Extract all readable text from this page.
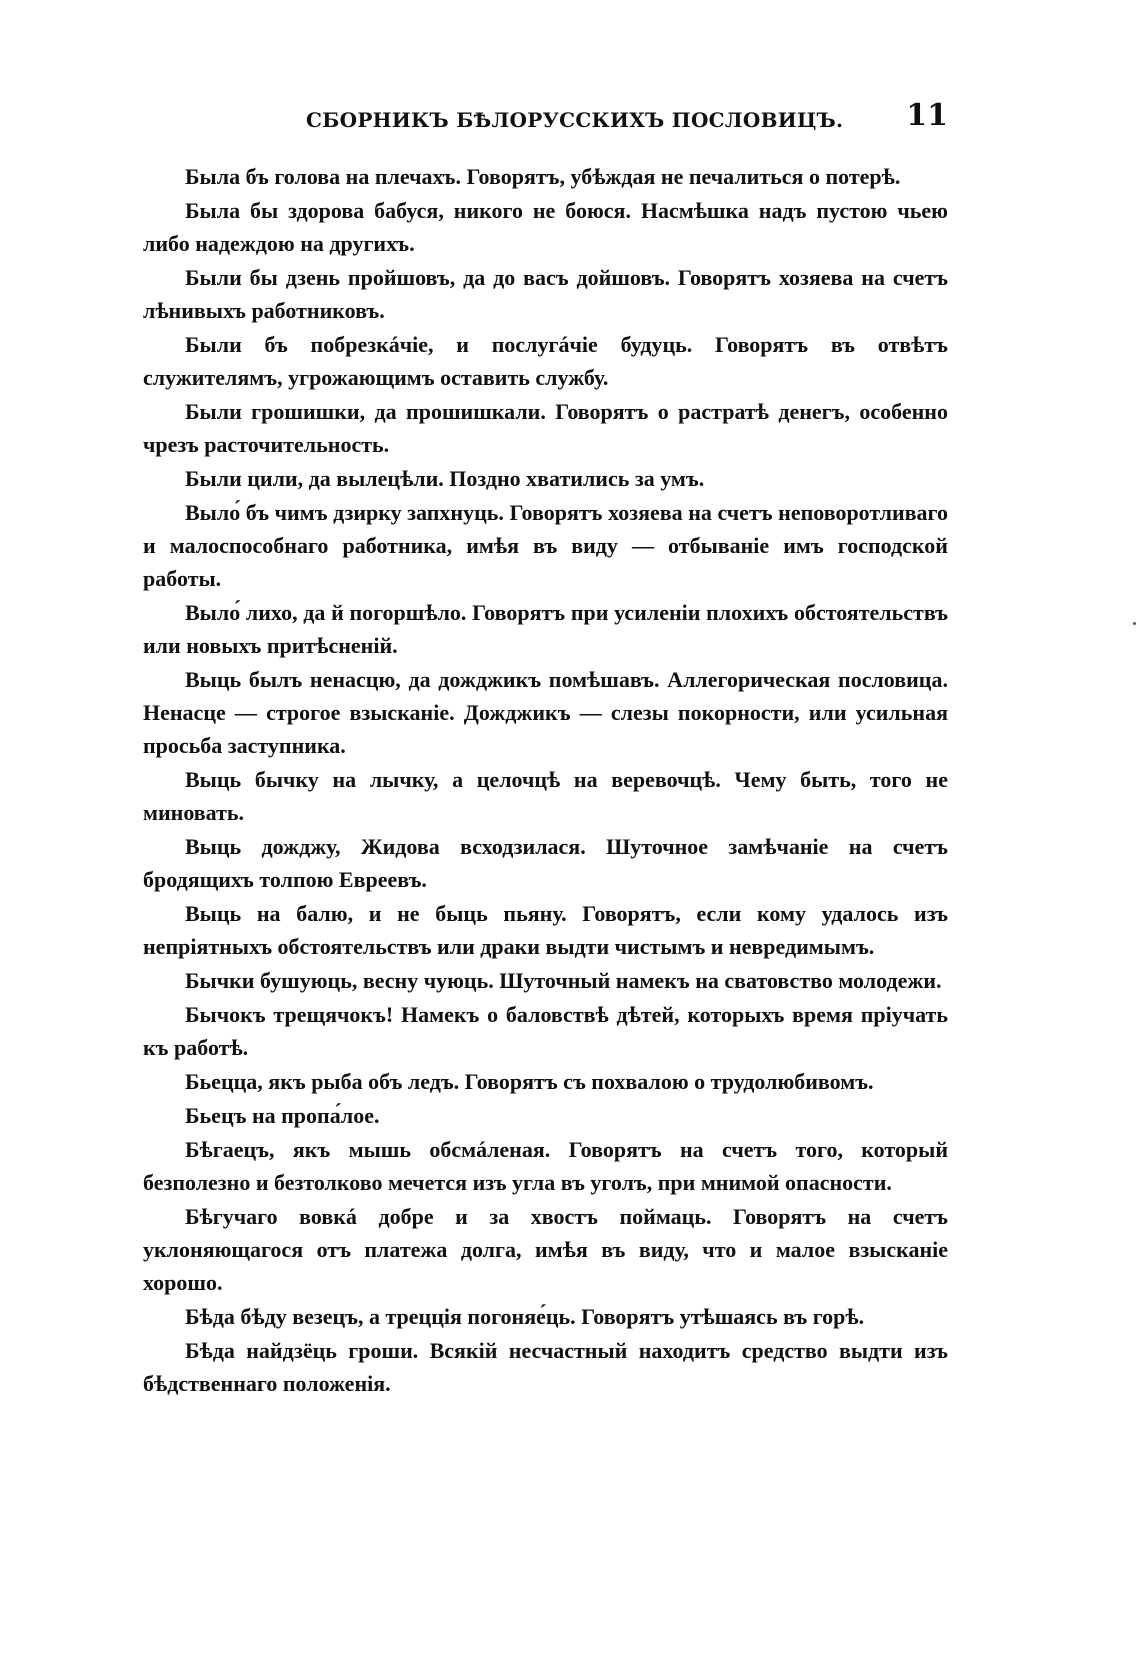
СБОРНИКЪ БѢЛОРУССКИХЪ ПОСЛОВИЦЪ. 11

Была бъ голова на плечахъ. Говорятъ, убѣждая не печалиться о потерѣ.

Была бы здорова бабуся, никого не боюся. Насмѣшка надъ пустою чьею либо надеждою на другихъ.

Были бы дзень пройшовъ, да до васъ дойшовъ. Говорятъ хозяева на счетъ лѣнивыхъ работниковъ.

Были бъ побрезкáчіе, и послугáчіе будуць. Говорятъ въ отвѣтъ служителямъ, угрожающимъ оставить службу.

Были грошишки, да прошишкали. Говорятъ о растратѣ денегъ, особенно чрезъ расточительность.

Были цили, да вылецѣли. Поздно хватились за умъ.

Выло́ бъ чимъ дзирку запхнуць. Говорятъ хозяева на счетъ неповоротливаго и малоспособнаго работника, имѣя въ виду — отбываніе имъ господской работы.

Выло́ лихо, да й погоршѣло. Говорятъ при усиленіи плохихъ обстоятельствъ или новыхъ притѣсненій.

Выць былъ ненасцю, да дожджикъ помѣшавъ. Аллегорическая пословица. Ненасце — строгое взысканіе. Дожджикъ — слезы покорности, или усильная просьба заступника.

Выць бычку на лычку, а целочцѣ на веревочцѣ. Чему быть, того не миновать.

Выць дожджу, Жидова всходзилася. Шуточное замѣчаніе на счетъ бродящихъ толпою Евреевъ.

Выць на балю, и не быць пьяну. Говорятъ, если кому удалось изъ непріятныхъ обстоятельствъ или драки выдти чистымъ и невредимымъ.

Бычки бушуюць, весну чуюць. Шуточный намекъ на сватовство молодежи.

Бычокъ трещячокъ! Намекъ о баловствѣ дѣтей, которыхъ время пріучать къ работѣ.

Бьецца, якъ рыба объ ледъ. Говорятъ съ похвалою о трудолюбивомъ.

Бьецъ на пропа́лое.

Бѣгаецъ, якъ мышь обсмáленая. Говорятъ на счетъ того, который безполезно и безтолково мечется изъ угла въ уголъ, при мнимой опасности.

Бѣгучаго вовкá добре и за хвостъ поймаць. Говорятъ на счетъ уклоняющагося отъ платежа долга, имѣя въ виду, что и малое взысканіе хорошо.

Бѣда бѣду везецъ, а трецція погоняе́ць. Говорятъ утѣшаясь въ горѣ.

Бѣда найдзёць гроши. Всякій несчастный находитъ средство выдти изъ бѣдственнаго положенія.
